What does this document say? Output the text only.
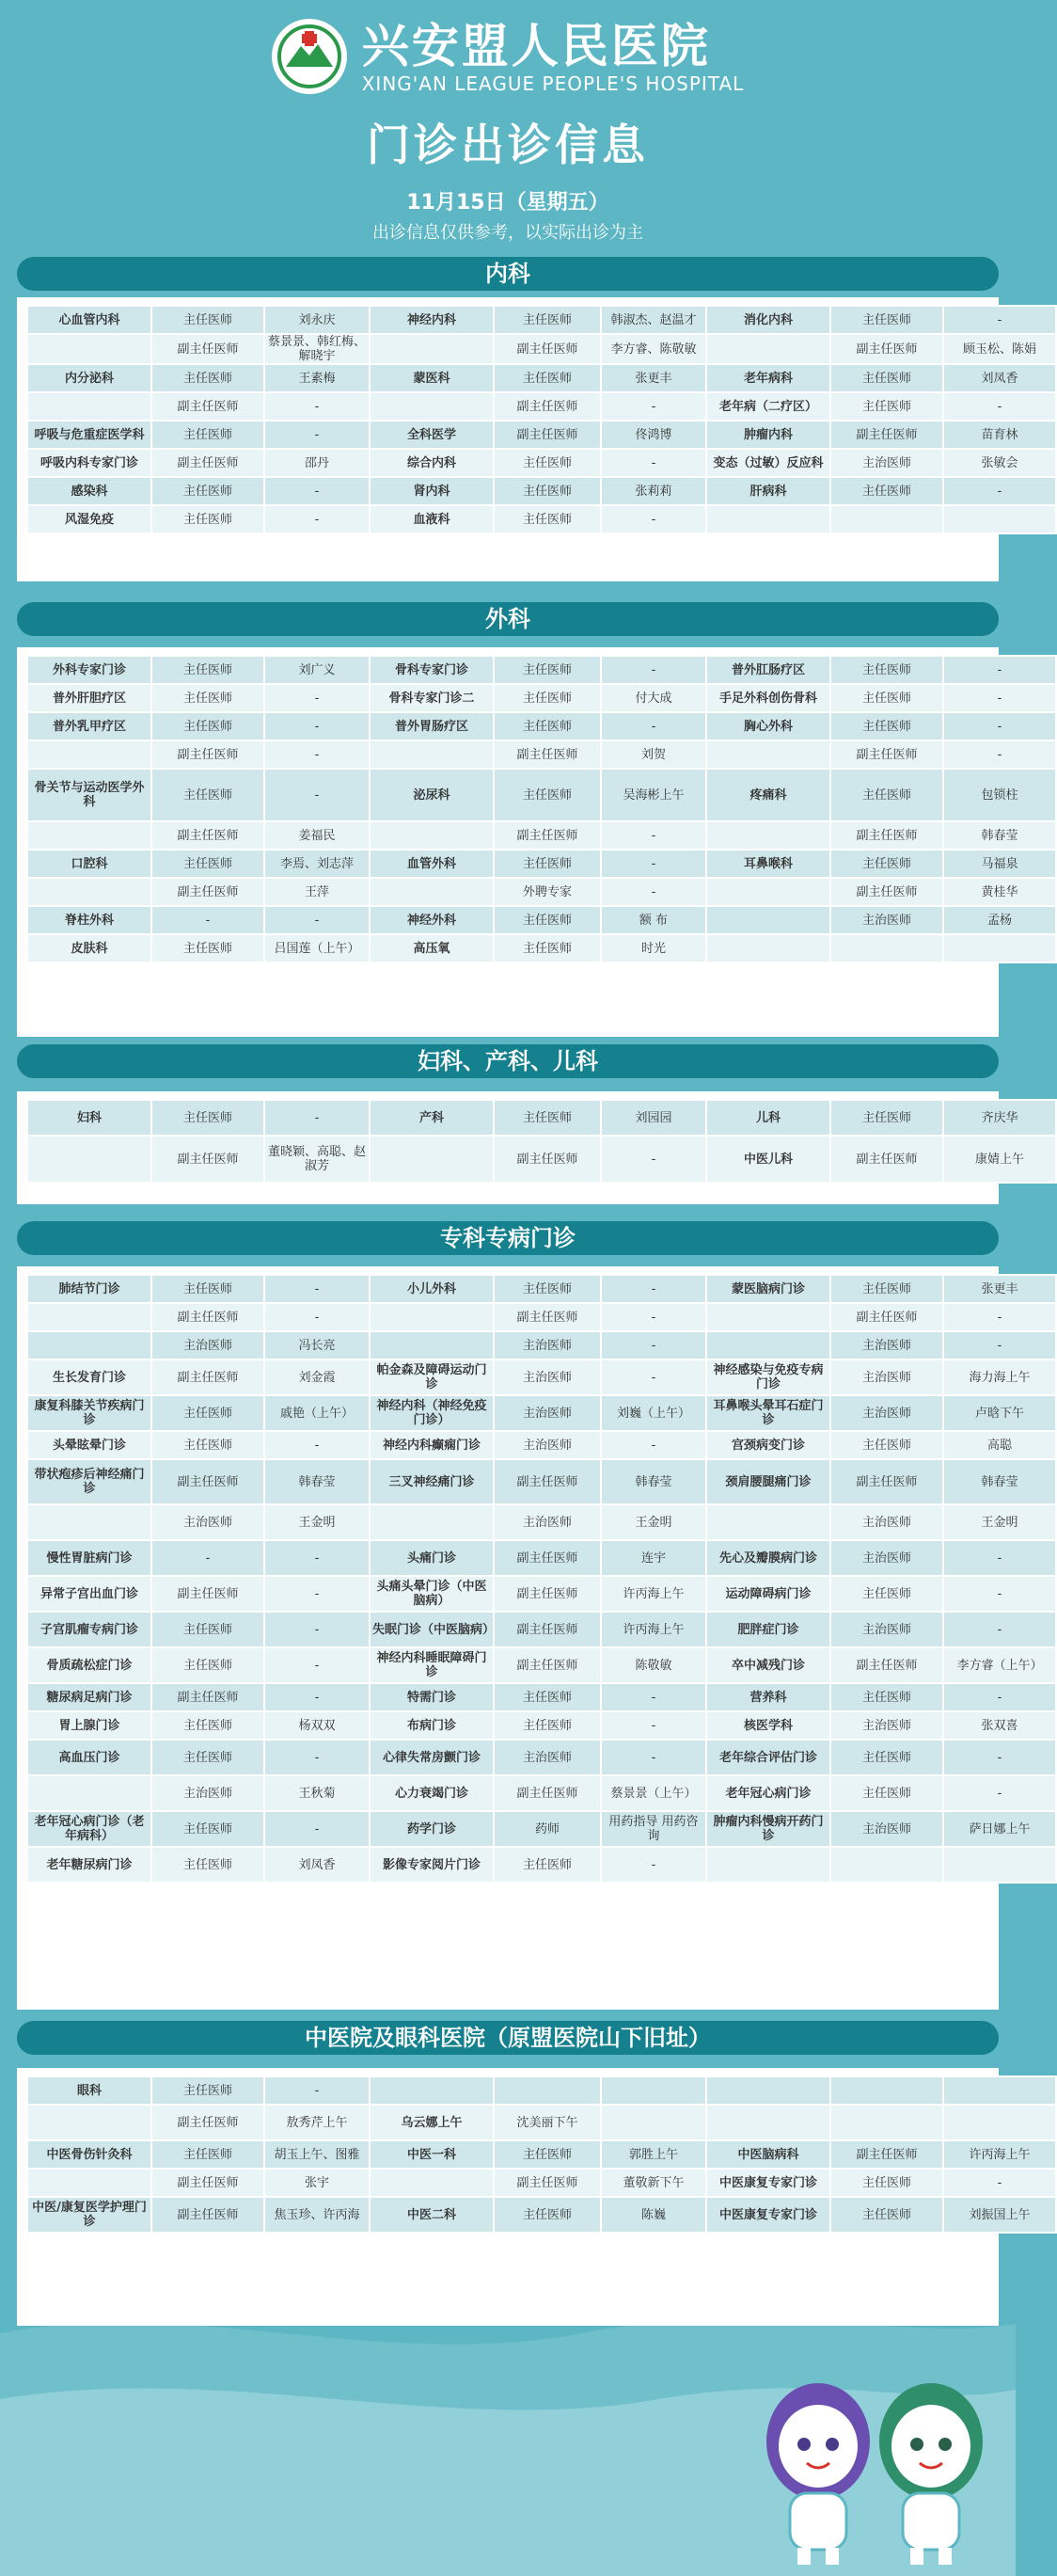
兴安盟人民医院
XING'AN LEAGUE PEOPLE'S HOSPITAL
门诊出诊信息
11月15日（星期五）
出诊信息仅供参考，以实际出诊为主
内科
心血管内科	主任医师	刘永庆	神经内科	主任医师	韩淑杰、赵温才	消化内科	主任医师	-
	副主任医师	蔡景景、韩红梅、解晓宇		副主任医师	李方睿、陈敬敏		副主任医师	顾玉松、陈娟
内分泌科	主任医师	王素梅	蒙医科	主任医师	张更丰	老年病科	主任医师	刘凤香
	副主任医师	-		副主任医师	-	老年病（二疗区）	主任医师	-
呼吸与危重症医学科	主任医师	-	全科医学	副主任医师	佟鸿博	肿瘤内科	副主任医师	苗育林
呼吸内科专家门诊	副主任医师	邵丹	综合内科	主任医师	-	变态（过敏）反应科	主治医师	张敏会
感染科	主任医师	-	肾内科	主任医师	张莉莉	肝病科	主任医师	-
风湿免疫	主任医师	-	血液科	主任医师	-			
外科
外科专家门诊	主任医师	刘广义	骨科专家门诊	主任医师	-	普外肛肠疗区	主任医师	-
普外肝胆疗区	主任医师	-	骨科专家门诊二	主任医师	付大成	手足外科创伤骨科	主任医师	-
普外乳甲疗区	主任医师	-	普外胃肠疗区	主任医师	-	胸心外科	主任医师	-
	副主任医师	-		副主任医师	刘贺		副主任医师	-
骨关节与运动医学外科	主任医师	-	泌尿科	主任医师	吴海彬上午	疼痛科	主任医师	包锁柱
	副主任医师	姜福民		副主任医师	-		副主任医师	韩春莹
口腔科	主任医师	李焉、刘志萍	血管外科	主任医师	-	耳鼻喉科	主任医师	马福泉
	副主任医师	王萍		外聘专家	-		副主任医师	黄桂华
脊柱外科	-	-	神经外科	主任医师	额 布		主治医师	孟杨
皮肤科	主任医师	吕国莲（上午）	高压氧	主任医师	时光			
妇科、产科、儿科
妇科	主任医师	-	产科	主任医师	刘园园	儿科	主任医师	齐庆华
	副主任医师	董晓颖、高聪、赵淑芳		副主任医师	-	中医儿科	副主任医师	康婧上午
专科专病门诊
肺结节门诊	主任医师	-	小儿外科	主任医师	-	蒙医脑病门诊	主任医师	张更丰
	副主任医师	-		副主任医师	-		副主任医师	-
	主治医师	冯长亮		主治医师	-		主治医师	-
生长发育门诊	副主任医师	刘金霞	帕金森及障碍运动门诊	主治医师	-	神经感染与免疫专病门诊	主治医师	海力海上午
康复科膝关节疾病门诊	主任医师	戚艳（上午）	神经内科（神经免疫门诊）	主治医师	刘巍（上午）	耳鼻喉头晕耳石症门诊	主治医师	卢晗下午
头晕眩晕门诊	主任医师	-	神经内科癫痫门诊	主治医师	-	宫颈病变门诊	主任医师	高聪
带状疱疹后神经痛门诊	副主任医师	韩春莹	三叉神经痛门诊	副主任医师	韩春莹	颈肩腰腿痛门诊	副主任医师	韩春莹
	主治医师	王金明		主治医师	王金明		主治医师	王金明
慢性胃脏病门诊	-	-	头痛门诊	副主任医师	连宇	先心及瓣膜病门诊	主治医师	-
异常子宫出血门诊	副主任医师	-	头痛头晕门诊（中医脑病）	副主任医师	许丙海上午	运动障碍病门诊	主任医师	-
子宫肌瘤专病门诊	主任医师	-	失眠门诊（中医脑病）	副主任医师	许丙海上午	肥胖症门诊	主治医师	-
骨质疏松症门诊	主任医师	-	神经内科睡眠障碍门诊	副主任医师	陈敬敏	卒中减残门诊	副主任医师	李方睿（上午）
糖尿病足病门诊	副主任医师	-	特需门诊	主任医师	-	营养科	主任医师	-
胃上腺门诊	主任医师	杨双双	布病门诊	主任医师	-	核医学科	主治医师	张双喜
高血压门诊	主任医师	-	心律失常房颤门诊	主治医师	-	老年综合评估门诊	主任医师	-
	主治医师	王秋菊	心力衰竭门诊	副主任医师	蔡景景（上午）	老年冠心病门诊	主任医师	-
老年冠心病门诊（老年病科）	主任医师	-	药学门诊	药师	用药指导 用药咨询	肿瘤内科慢病开药门诊	主治医师	萨日娜上午
老年糖尿病门诊	主任医师	刘凤香	影像专家阅片门诊	主任医师	-			
中医院及眼科医院（原盟医院山下旧址）
眼科	主任医师	-						
	副主任医师	敖秀芹上午	乌云娜上午	沈美丽下午				
中医骨伤针灸科	主任医师	胡玉上午、图雅	中医一科	主任医师	郭胜上午	中医脑病科	副主任医师	许丙海上午
	副主任医师	张宇		副主任医师	董敬新下午	中医康复专家门诊	主任医师	-
中医/康复医学护理门诊	副主任医师	焦玉珍、许丙海	中医二科	主任医师	陈巍	中医康复专家门诊	主任医师	刘振国上午
